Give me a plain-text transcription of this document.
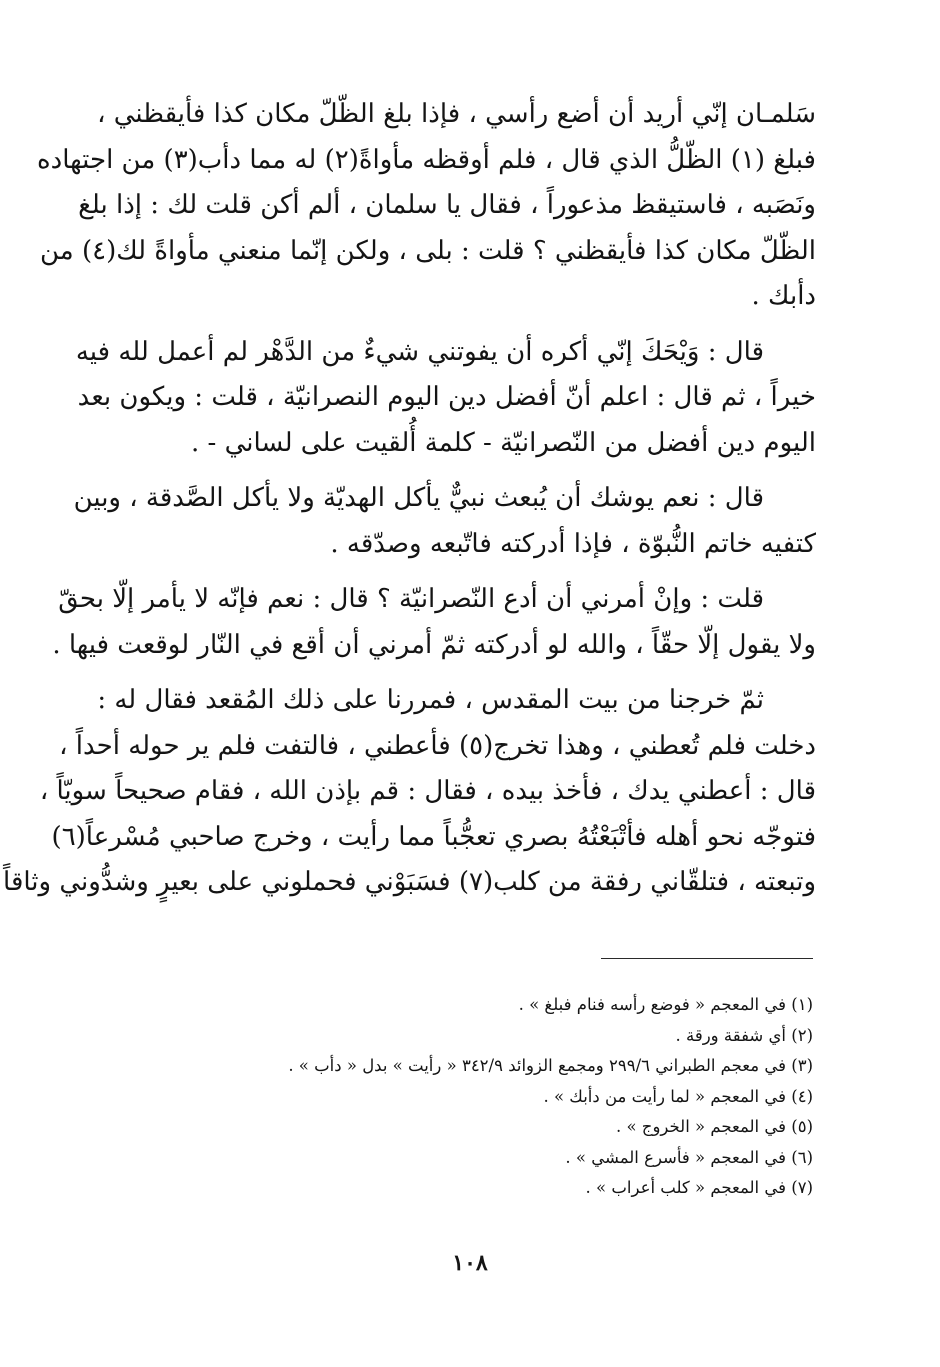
سَلمـان إنّي أريد أن أضع رأسي ، فإذا بلغ الظّلّ مكان كذا فأيقظني ،
فبلغ (١) الظّلُّ الذي قال ، فلم أوقظه مأواةً(٢) له مما دأب(٣) من اجتهاده
ونَصَبه ، فاستيقظ مذعوراً ، فقال يا سلمان ، ألم أكن قلت لك : إذا بلغ
الظّلّ مكان كذا فأيقظني ؟ قلت : بلى ، ولكن إنّما منعني مأواةً لك(٤) من
دأبك .
قال : وَيْحَكَ إنّي أكره أن يفوتني شيءٌ من الدَّهْر لم أعمل لله فيه
خيراً ، ثم قال : اعلم أنّ أفضل دين اليوم النصرانيّة ، قلت : ويكون بعد
اليوم دين أفضل من النّصرانيّة - كلمة أُلقيت على لساني - .
قال : نعم يوشك أن يُبعث نبيٌّ يأكل الهديّة ولا يأكل الصَّدقة ، وبين
كتفيه خاتم النُّبوّة ، فإذا أدركته فاتّبعه وصدّقه .
قلت : وإنْ أمرني أن أدع النّصرانيّة ؟ قال : نعم فإنّه لا يأمر إلّا بحقّ
ولا يقول إلّا حقّاً ، والله لو أدركته ثمّ أمرني أن أقع في النّار لوقعت فيها .
ثمّ خرجنا من بيت المقدس ، فمررنا على ذلك المُقعد فقال له :
دخلت فلم تُعطني ، وهذا تخرج(٥) فأعطني ، فالتفت فلم ير حوله أحداً ،
قال : أعطني يدك ، فأخذ بيده ، فقال : قم بإذن الله ، فقام صحيحاً سويّاً ،
فتوجّه نحو أهله فأتْبَعْتُهُ بصري تعجُّباً مما رأيت ، وخرج صاحبي مُسْرعاً(٦)
وتبعته ، فتلقّاني رفقة من كلب(٧) فسَبَوْني فحملوني على بعيرٍ وشدُّوني وثاقاً
(١) في المعجم « فوضع رأسه فنام فبلغ » .
(٢) أي شفقة ورقة .
(٣) في معجم الطبراني ٢٩٩/٦ ومجمع الزوائد ٣٤٢/٩ « رأيت » بدل « دأب » .
(٤) في المعجم « لما رأيت من دأبك » .
(٥) في المعجم « الخروج » .
(٦) في المعجم « فأسرع المشي » .
(٧) في المعجم « كلب أعراب » .
١٠٨
